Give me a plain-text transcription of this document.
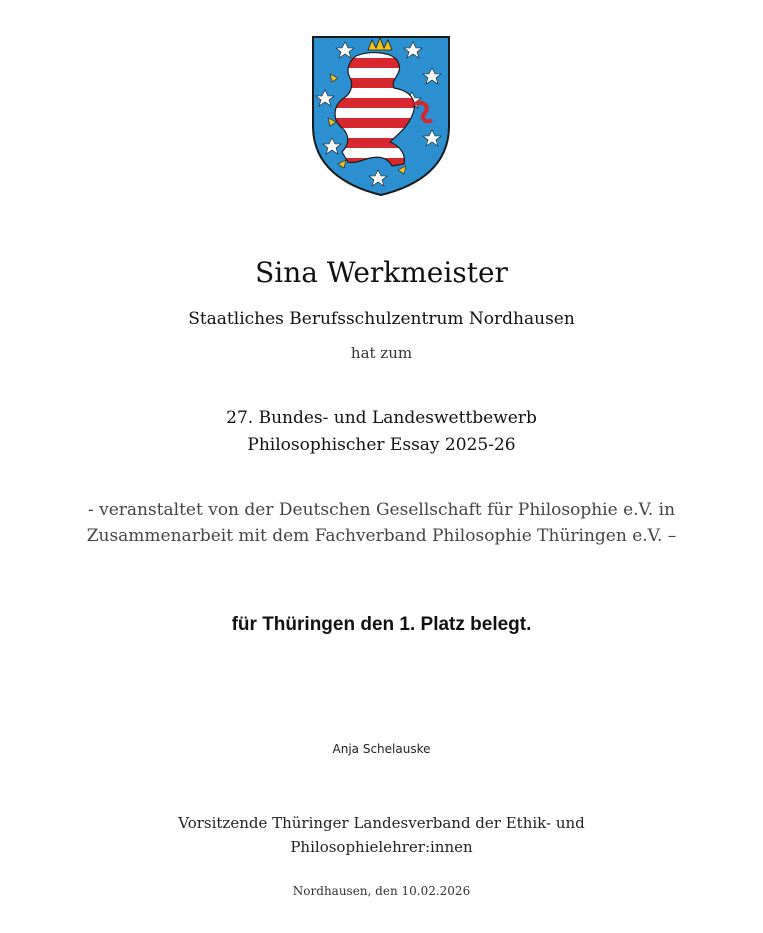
Sina Werkmeister
Staatliches Berufsschulzentrum Nordhausen
hat zum
27. Bundes- und Landeswettbewerb
Philosophischer Essay 2025-26
- veranstaltet von der Deutschen Gesellschaft für Philosophie e.V. in
Zusammenarbeit mit dem Fachverband Philosophie Thüringen e.V. –
für Thüringen den 1. Platz belegt.
Anja Schelauske
Vorsitzende Thüringer Landesverband der Ethik- und
Philosophielehrer:innen
Nordhausen, den 10.02.2026
